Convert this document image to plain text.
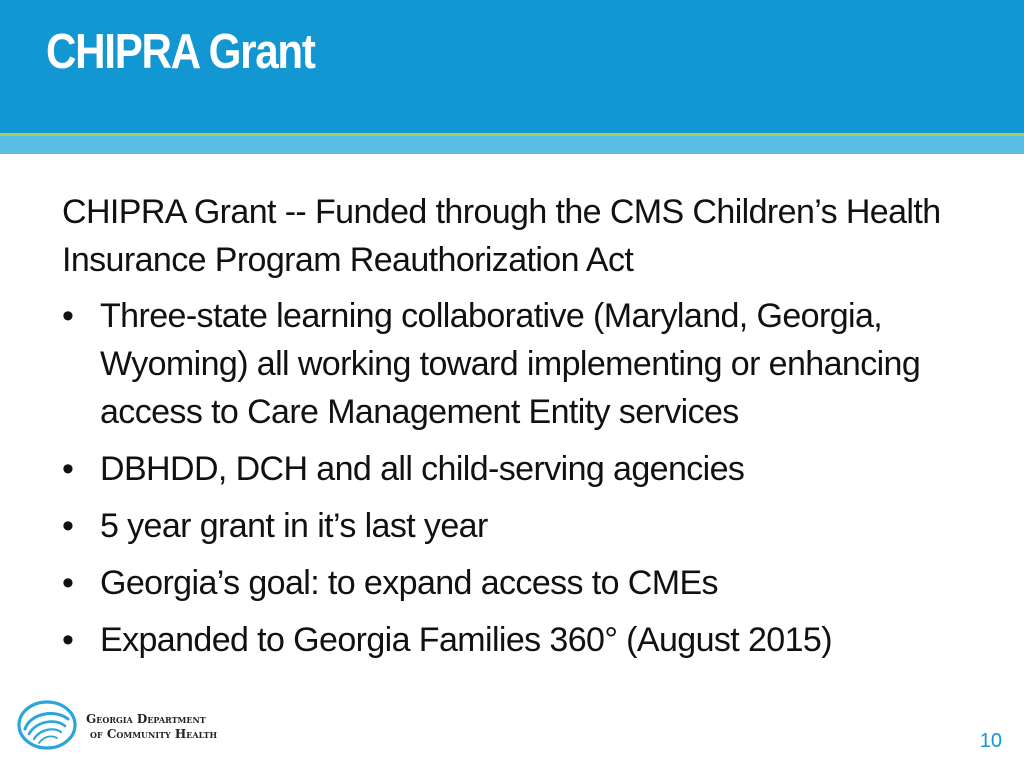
CHIPRA Grant

CHIPRA Grant -- Funded through the CMS Children’s Health Insurance Program Reauthorization Act

• Three-state learning collaborative (Maryland, Georgia, Wyoming) all working toward implementing or enhancing access to Care Management Entity services
• DBHDD, DCH and all child-serving agencies
• 5 year grant in it’s last year
• Georgia’s goal: to expand access to CMEs
• Expanded to Georgia Families 360° (August 2015)
Georgia Department
of Community Health	10
